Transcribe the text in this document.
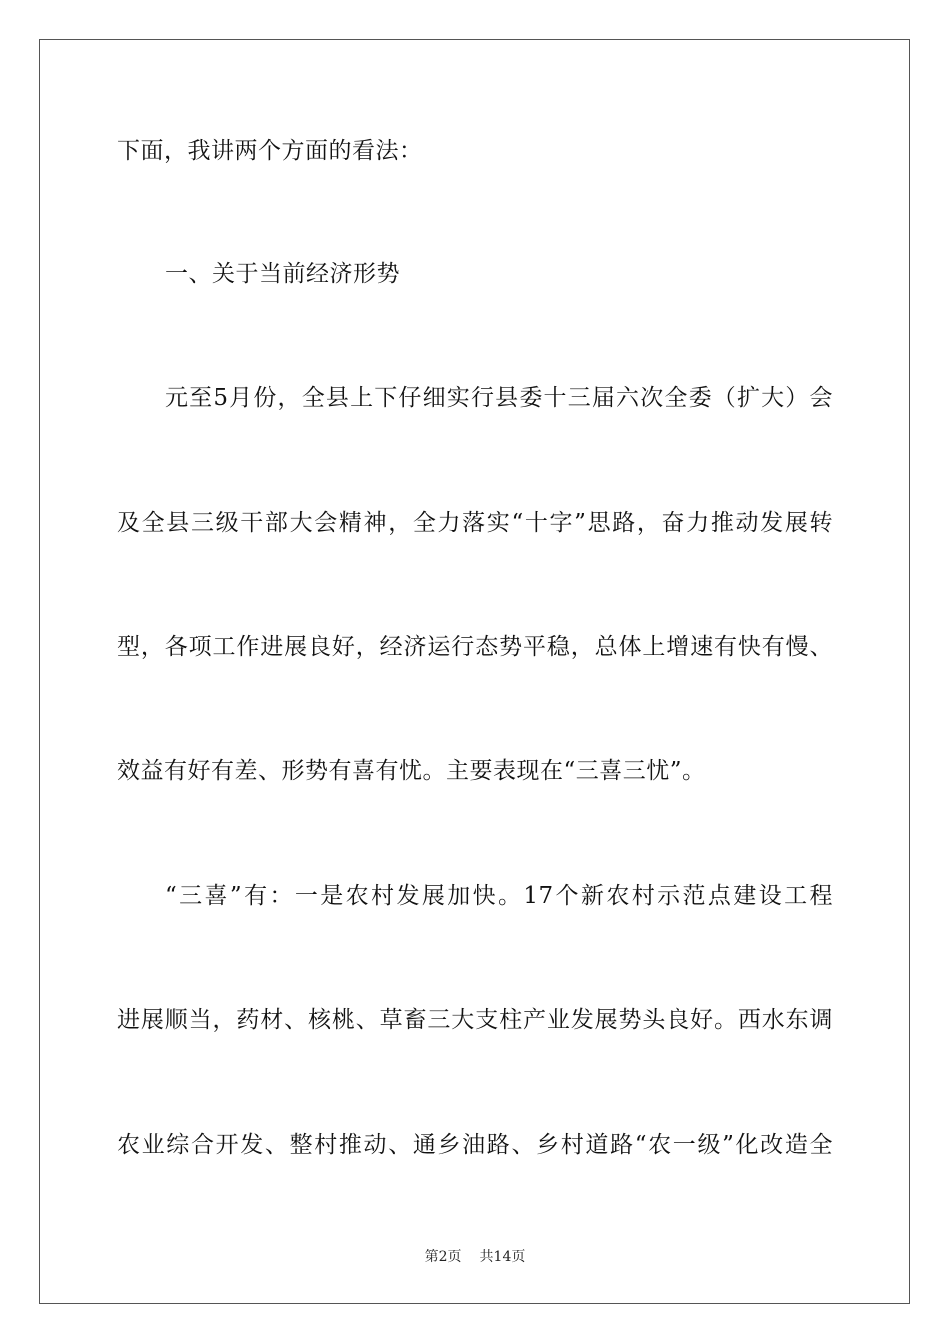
下面，我讲两个方面的看法：
一、关于当前经济形势
元至5月份，全县上下仔细实行县委十三届六次全委（扩大）会
及全县三级干部大会精神，全力落实“十字”思路，奋力推动发展转
型，各项工作进展良好，经济运行态势平稳，总体上增速有快有慢、
效益有好有差、形势有喜有忧。主要表现在“三喜三忧”。
“三喜”有：一是农村发展加快。17个新农村示范点建设工程
进展顺当，药材、核桃、草畜三大支柱产业发展势头良好。西水东调
农业综合开发、整村推动、通乡油路、乡村道路“农一级”化改造全
第2页 共14页
